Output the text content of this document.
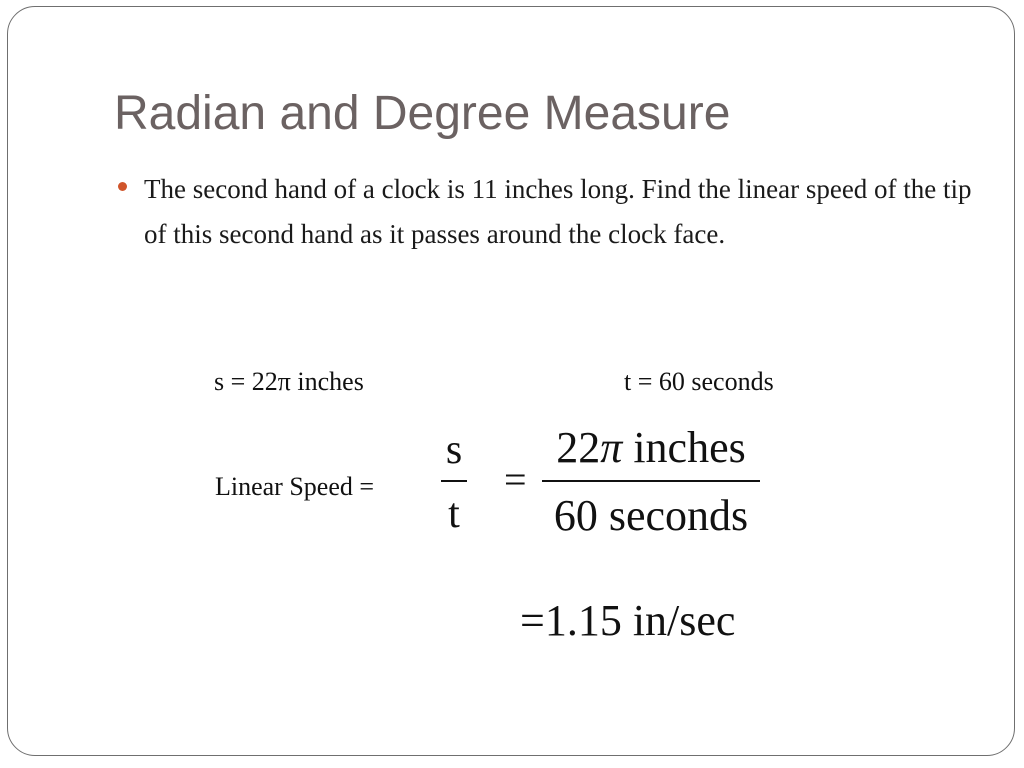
Radian and Degree Measure
The second hand of a clock is 11 inches long. Find the linear speed of the tip of this second hand as it passes around the clock face.
s = 22π inches	t = 60 seconds
Linear Speed =
s
t
=
22π inches
60 seconds
=1.15 in/sec
